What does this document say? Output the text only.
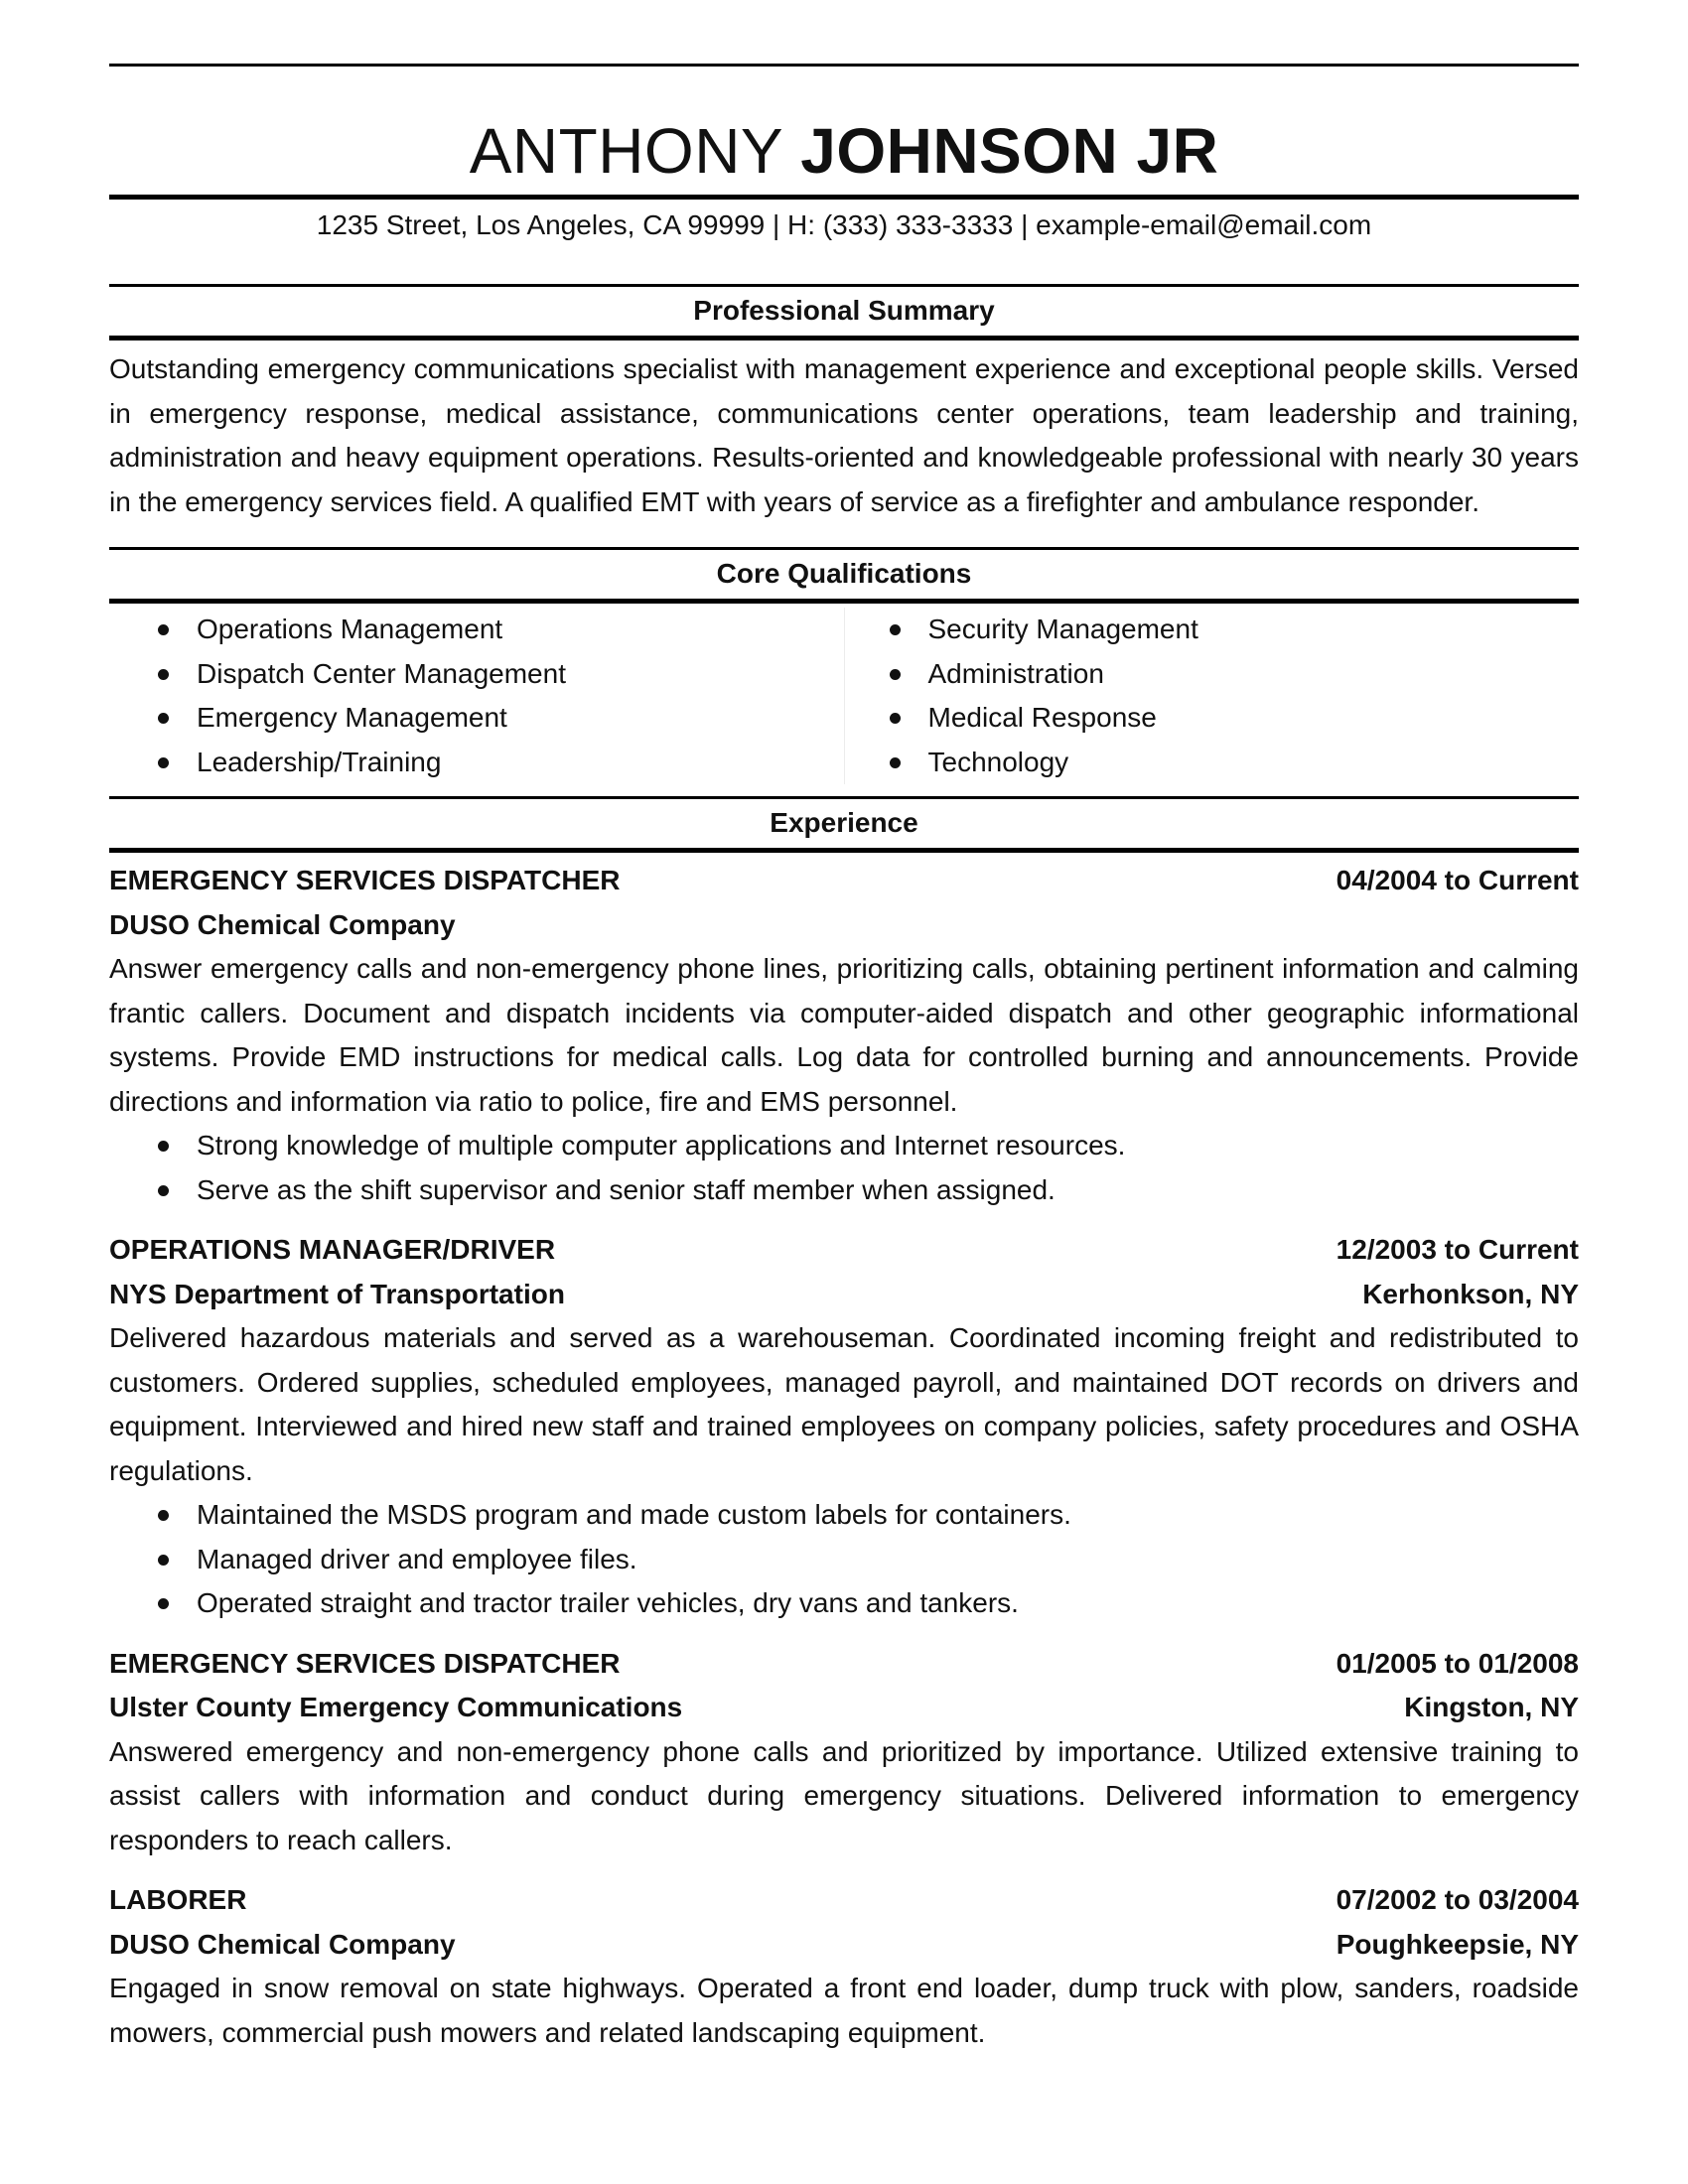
ANTHONY JOHNSON JR
1235 Street, Los Angeles, CA 99999 | H: (333) 333-3333 | example-email@email.com
Professional Summary

Outstanding emergency communications specialist with management experience and exceptional people skills. Versed in emergency response, medical assistance, communications center operations, team leadership and training, administration and heavy equipment operations. Results-oriented and knowledgeable professional with nearly 30 years in the emergency services field. A qualified EMT with years of service as a firefighter and ambulance responder.

Core Qualifications
Operations Management
Dispatch Center Management
Emergency Management
Leadership/Training
Security Management
Administration
Medical Response
Technology
Experience
EMERGENCY SERVICES DISPATCHER	04/2004 to Current
DUSO Chemical Company

Answer emergency calls and non-emergency phone lines, prioritizing calls, obtaining pertinent information and calming frantic callers. Document and dispatch incidents via computer-aided dispatch and other geographic informational systems. Provide EMD instructions for medical calls. Log data for controlled burning and announcements. Provide directions and information via ratio to police, fire and EMS personnel.

Strong knowledge of multiple computer applications and Internet resources.
Serve as the shift supervisor and senior staff member when assigned.
OPERATIONS MANAGER/DRIVER	12/2003 to Current
NYS Department of Transportation	Kerhonkson, NY

Delivered hazardous materials and served as a warehouseman. Coordinated incoming freight and redistributed to customers. Ordered supplies, scheduled employees, managed payroll, and maintained DOT records on drivers and equipment. Interviewed and hired new staff and trained employees on company policies, safety procedures and OSHA regulations.

Maintained the MSDS program and made custom labels for containers.
Managed driver and employee files.
Operated straight and tractor trailer vehicles, dry vans and tankers.
EMERGENCY SERVICES DISPATCHER	01/2005 to 01/2008
Ulster County Emergency Communications	Kingston, NY

Answered emergency and non-emergency phone calls and prioritized by importance. Utilized extensive training to assist callers with information and conduct during emergency situations. Delivered information to emergency responders to reach callers.

LABORER	07/2002 to 03/2004
DUSO Chemical Company	Poughkeepsie, NY

Engaged in snow removal on state highways. Operated a front end loader, dump truck with plow, sanders, roadside mowers, commercial push mowers and related landscaping equipment.
